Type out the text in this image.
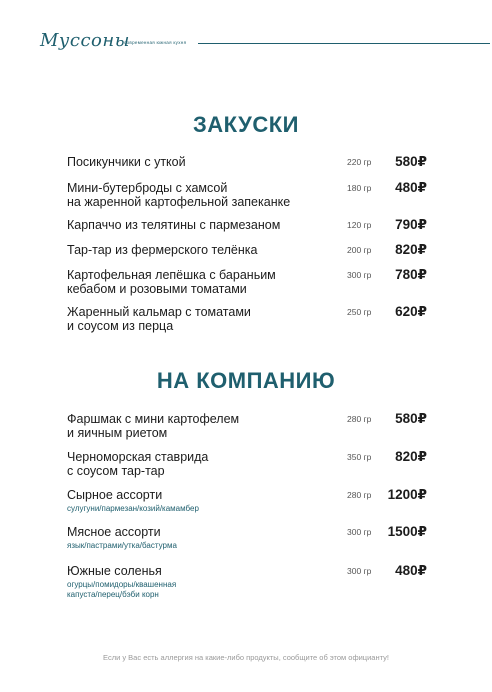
Муссоны
современная южная кухня
ЗАКУСКИ
Посикунчики с уткой	220 гр 580₽
Мини-бутерброды с хамсой
на жаренной картофельной запеканке
180 гр 480₽
Карпаччо из телятины с пармезаном	120 гр 790₽
Тар-тар из фермерского телёнка	200 гр 820₽
Картофельная лепёшка с бараньим
кебабом и розовыми томатами
300 гр 780₽
Жаренный кальмар с томатами
и соусом из перца
250 гр 620₽
НА КОМПАНИЮ
Фаршмак с мини картофелем
и яичным риетом
280 гр 580₽
Черноморская ставрида
с соусом тар-тар
350 гр 820₽
Сырное ассорти
сулугуни/пармезан/козий/камамбер
280 гр 1200₽
Мясное ассорти
язык/пастрами/утка/бастурма
300 гр 1500₽
Южные соленья
огурцы/помидоры/квашенная
капуста/перец/бэби корн
300 гр 480₽
Если у Вас есть аллергия на какие-либо продукты, сообщите об этом официанту!
